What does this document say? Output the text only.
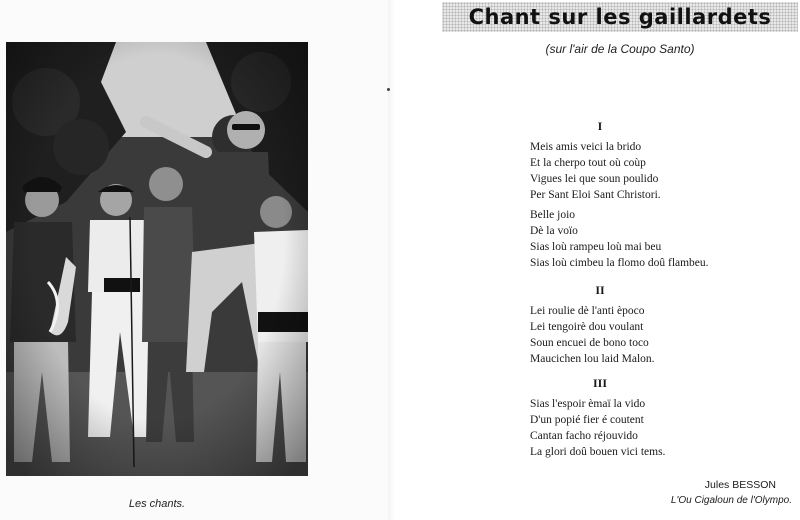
Les chants.
Chant sur les gaillardets
(sur l'air de la Coupo Santo)
I
Meis amis veici la brido
Et la cherpo tout où coùp
Vigues lei que soun poulido
Per Sant Eloi Sant Christori.
Belle joio
Dè la voïo
Sias loù rampeu loù mai beu
Sias loù cimbeu la flomo doû flambeu.
II
Lei roulie dè l'anti èpoco
Lei tengoirè dou voulant
Soun encuei de bono toco
Maucichen lou laid Malon.
III
Sias l'espoir èmaï la vido
D'un popié fier é coutent
Cantan facho réjouvido
La glori doû bouen vici tems.
Jules BESSON
L'Ou Cigaloun de l'Olympo.
